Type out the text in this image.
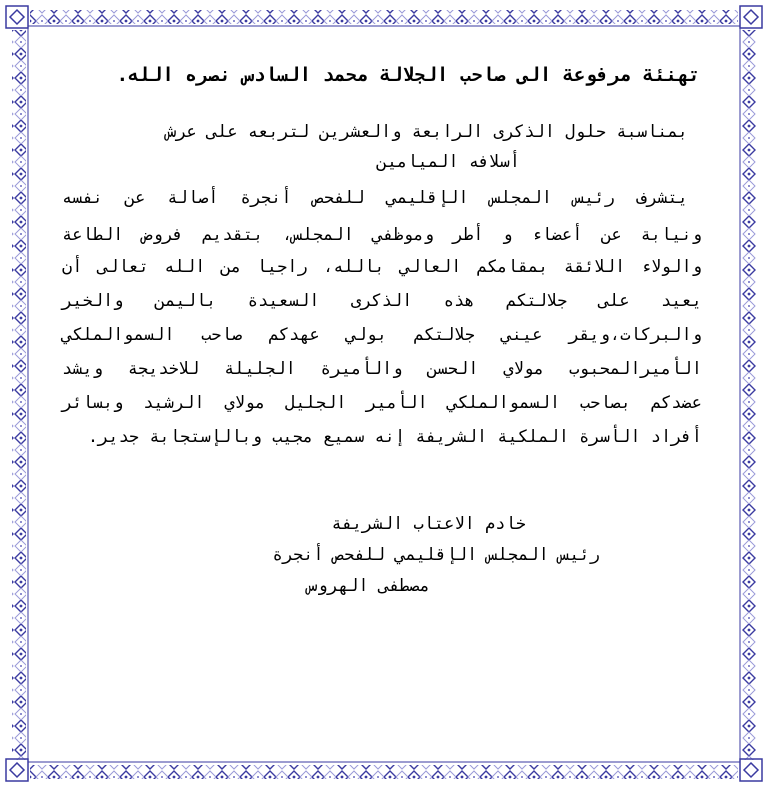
تهنئة مرفوعة الى صاحب الجلالة محمد السادس نصره الله.
بمناسبة حلول الذكرى الرابعة والعشرين لتربعه على عرش
أسلافه الميامين
يتشرف رئيس المجلس الإقليمي للفحص أنجرة أصالة عن نفسه
ونيابة عن أعضاء و أطر وموظفي المجلس، بتقديم فروض الطاعة
والولاء اللائقة بمقامكم العالي بالله، راجيا من الله تعالى أن
يعيد على جلالتكم هذه الذكرى السعيدة باليمن والخير
والبركات،ويقر عيني جلالتكم بولي عهدكم صاحب السموالملكي
الأميرالمحبوب مولاي الحسن والأميرة الجليلة للاخديجة ويشد
عضدكم بصاحب السموالملكي الأمير الجليل مولاي الرشيد وبسائر
أفراد الأسرة الملكية الشريفة إنه سميع مجيب وبالإستجابة جدير.
خادم الاعتاب الشريفة
رئيس المجلس الإقليمي للفحص أنجرة
مصطفى الهروس
